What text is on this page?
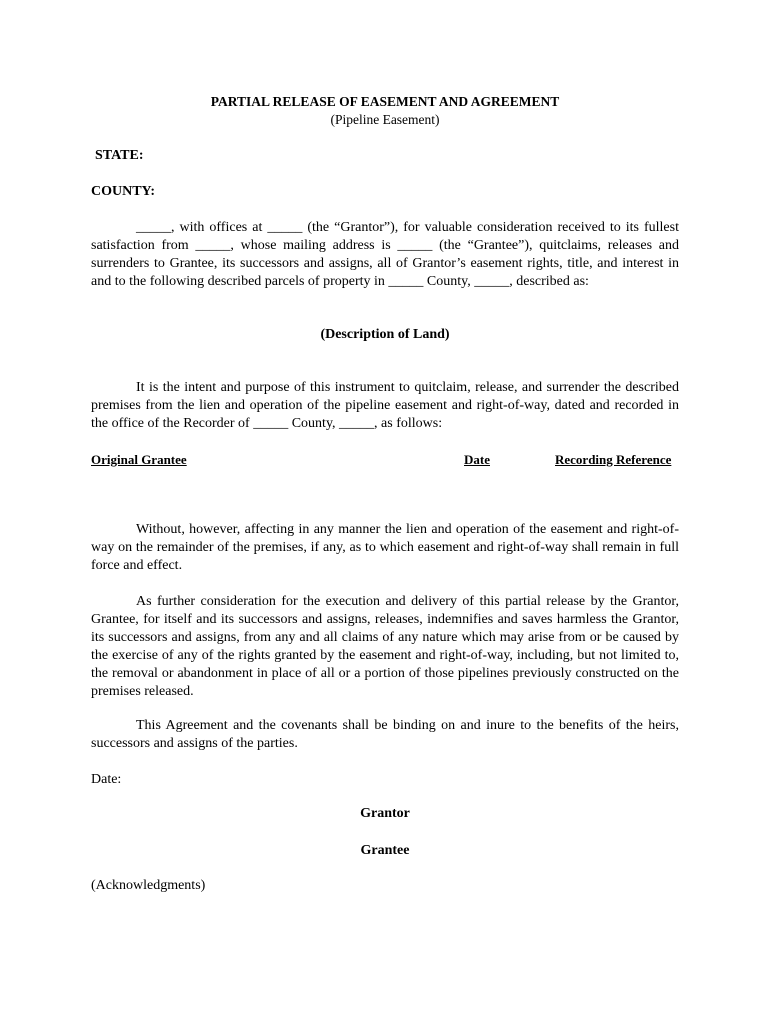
PARTIAL RELEASE OF EASEMENT AND AGREEMENT
(Pipeline Easement)
STATE:
COUNTY:
_____, with offices at _____ (the “Grantor”), for valuable consideration received to its fullest satisfaction from _____, whose mailing address is _____ (the “Grantee”), quitclaims, releases and surrenders to Grantee, its successors and assigns, all of Grantor’s easement rights, title, and interest in and to the following described parcels of property in _____ County, _____, described as:
(Description of Land)
It is the intent and purpose of this instrument to quitclaim, release, and surrender the described premises from the lien and operation of the pipeline easement and right-of-way, dated and recorded in the office of the Recorder of _____ County, _____, as follows:
Original Grantee	Date	Recording Reference
Without, however, affecting in any manner the lien and operation of the easement and right-of-way on the remainder of the premises, if any, as to which easement and right-of-way shall remain in full force and effect.
As further consideration for the execution and delivery of this partial release by the Grantor, Grantee, for itself and its successors and assigns, releases, indemnifies and saves harmless the Grantor, its successors and assigns, from any and all claims of any nature which may arise from or be caused by the exercise of any of the rights granted by the easement and right-of-way, including, but not limited to, the removal or abandonment in place of all or a portion of those pipelines previously constructed on the premises released.
This Agreement and the covenants shall be binding on and inure to the benefits of the heirs, successors and assigns of the parties.
Date:
Grantor
Grantee
(Acknowledgments)
